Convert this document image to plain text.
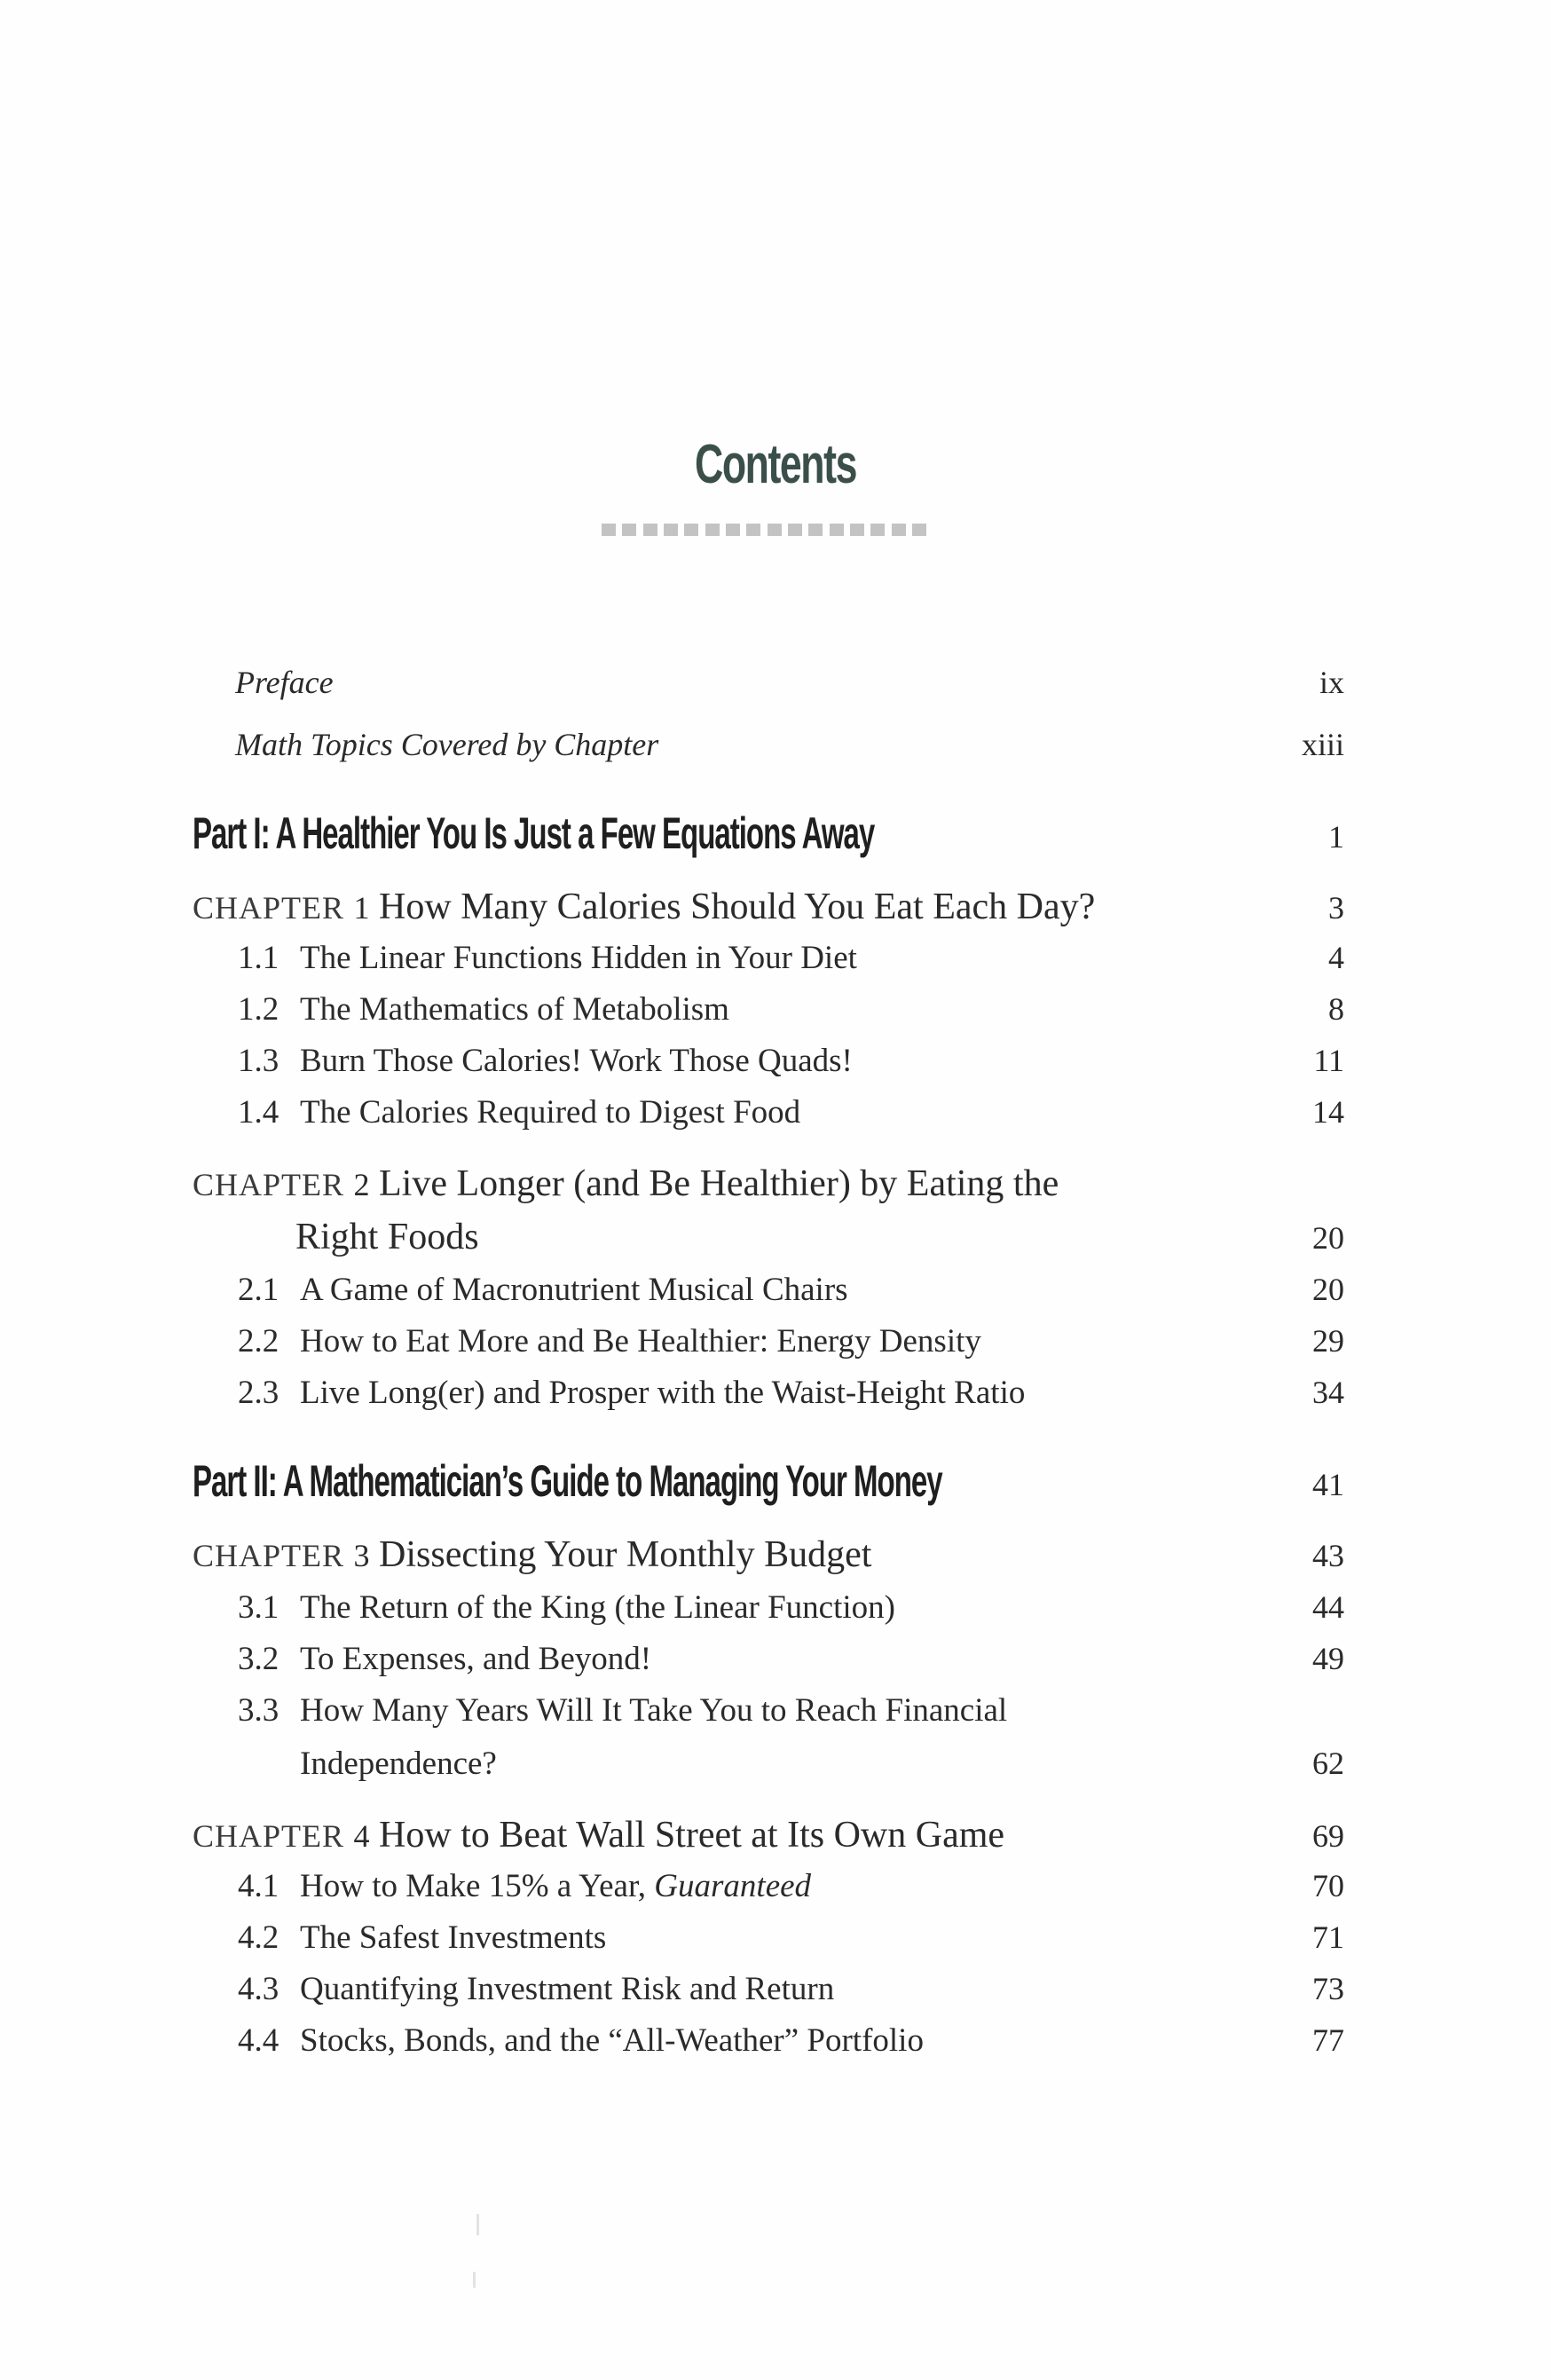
Contents
Preface	ix
Math Topics Covered by Chapter	xiii
Part I: A Healthier You Is Just a Few Equations Away	1
CHAPTER 1 How Many Calories Should You Eat Each Day?	3
1.1 The Linear Functions Hidden in Your Diet	4
1.2 The Mathematics of Metabolism	8
1.3 Burn Those Calories! Work Those Quads!	11
1.4 The Calories Required to Digest Food	14
CHAPTER 2 Live Longer (and Be Healthier) by Eating the
Right Foods	20
2.1 A Game of Macronutrient Musical Chairs	20
2.2 How to Eat More and Be Healthier: Energy Density	29
2.3 Live Long(er) and Prosper with the Waist-Height Ratio	34
Part II: A Mathematician’s Guide to Managing Your Money	41
CHAPTER 3 Dissecting Your Monthly Budget	43
3.1 The Return of the King (the Linear Function)	44
3.2 To Expenses, and Beyond!	49
3.3 How Many Years Will It Take You to Reach Financial
Independence?	62
CHAPTER 4 How to Beat Wall Street at Its Own Game	69
4.1 How to Make 15% a Year, Guaranteed	70
4.2 The Safest Investments	71
4.3 Quantifying Investment Risk and Return	73
4.4 Stocks, Bonds, and the “All-Weather” Portfolio	77
